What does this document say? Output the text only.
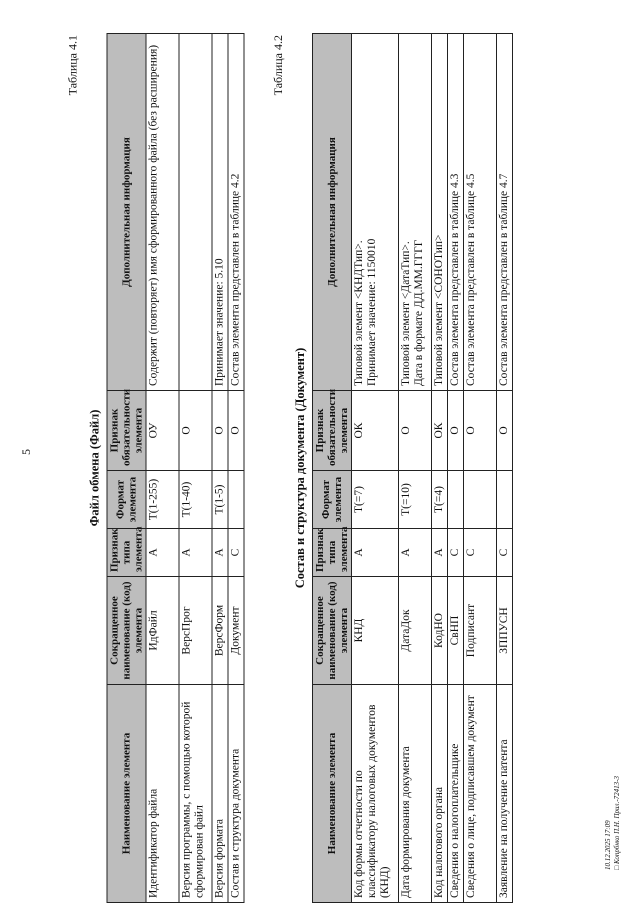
5
Таблица 4.1
Файл обмена (Файл)
Наименование элемента	Сокращенное наименование (код) элемента	Признак типа элемента	Формат элемента	Признак обязательности элемента	Дополнительная информация
Идентификатор файла	ИдФайл	А	Т(1-255)	ОУ	Содержит (повторяет) имя сформированного файла (без расширения)
Версия программы, с помощью которой сформирован файл	ВерсПрог	А	Т(1-40)	О	
Версия формата	ВерсФорм	А	Т(1-5)	О	Принимает значение: 5.10
Состав и структура документа	Документ	С		О	Состав элемента представлен в таблице 4.2
Таблица 4.2
Состав и структура документа (Документ)
Наименование элемента	Сокращенное наименование (код) элемента	Признак типа элемента	Формат элемента	Признак обязательности элемента	Дополнительная информация
Код формы отчетности по классификатору налоговых документов (КНД)	КНД	А	Т(=7)	ОК	Типовой элемент <КНДТип>. Принимает значение: 1150010

Дата формирования документа	ДатаДок	А	Т(=10)	О	Типовой элемент <ДатаТип>. Дата в формате ДД.ММ.ГГГГ

Код налогового органа	КодНО	А	Т(=4)	ОК	Типовой элемент <СОНОТип>
Сведения о налогоплательщике	СвНП	С		О	Состав элемента представлен в таблице 4.3
Сведения о лице, подписавшем документ	Подписант	С		О	Состав элемента представлен в таблице 4.5
Заявление на получение патента	ЗППУСН	С		О	Состав элемента представлен в таблице 4.7
10.12.2025 17:09 □ Копрбнко П.Н. Прил.-72413-3
